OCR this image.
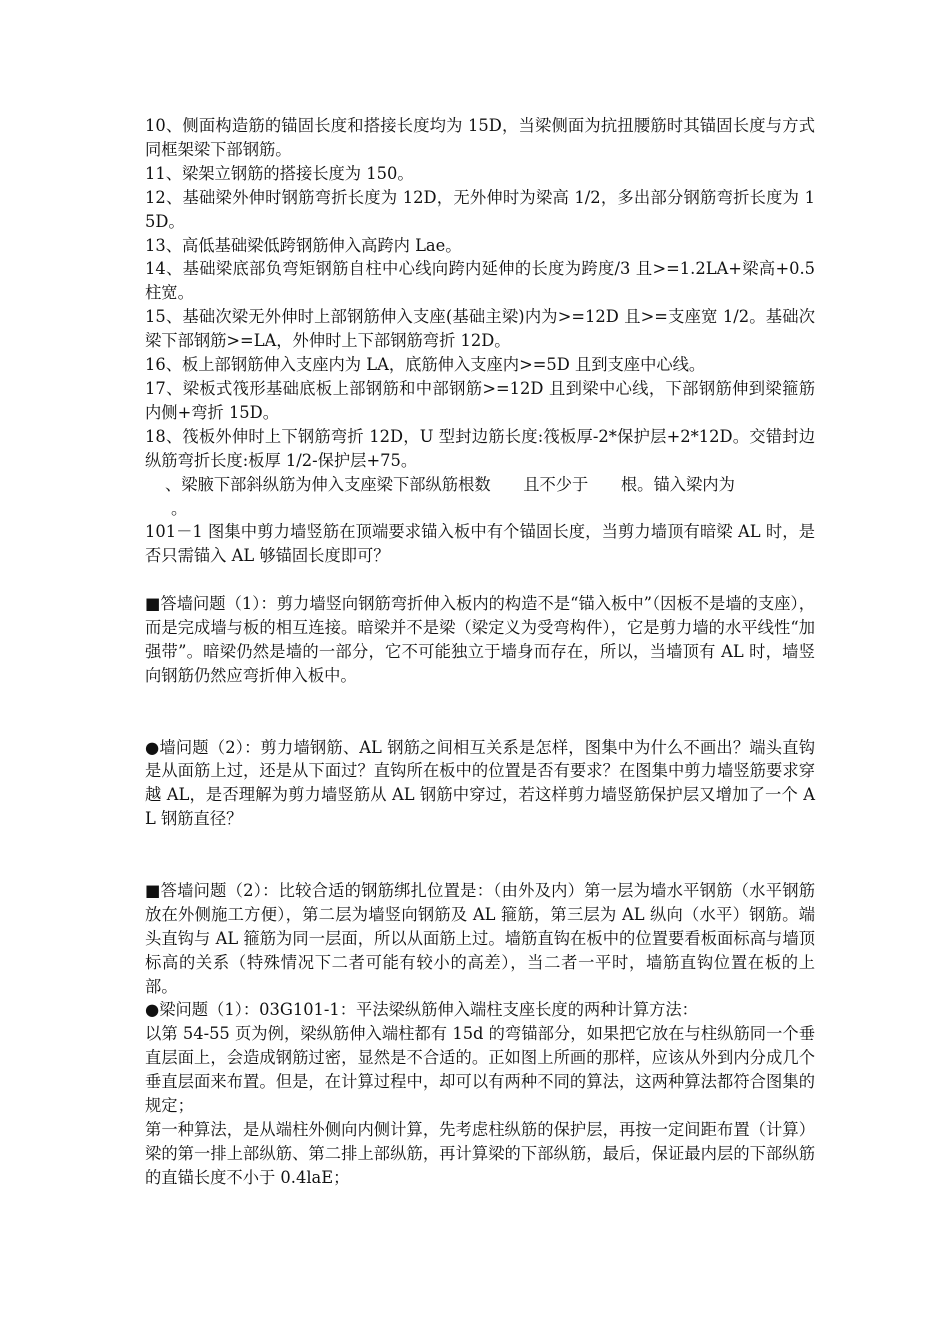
10、侧面构造筋的锚固长度和搭接长度均为 15D，当梁侧面为抗扭腰筋时其锚固长度与方式同框架梁下部钢筋。

11、梁架立钢筋的搭接长度为 150。

12、基础梁外伸时钢筋弯折长度为 12D，无外伸时为梁高 1/2，多出部分钢筋弯折长度为 15D。

13、高低基础梁低跨钢筋伸入高跨内 Lae。

14、基础梁底部负弯矩钢筋自柱中心线向跨内延伸的长度为跨度/3 且>=1.2LA+梁高+0.5 柱宽。

15、基础次梁无外伸时上部钢筋伸入支座(基础主梁)内为>=12D 且>=支座宽 1/2。基础次梁下部钢筋>=LA，外伸时上下部钢筋弯折 12D。

16、板上部钢筋伸入支座内为 LA，底筋伸入支座内>=5D 且到支座中心线。

17、梁板式筏形基础底板上部钢筋和中部钢筋>=12D 且到梁中心线，下部钢筋伸到梁箍筋内侧+弯折 15D。

18、筏板外伸时上下钢筋弯折 12D，U 型封边筋长度:筏板厚-2*保护层+2*12D。交错封边纵筋弯折长度:板厚 1/2-保护层+75。

、梁腋下部斜纵筋为伸入支座梁下部纵筋根数　　且不少于　　根。锚入梁内为

。

101－1 图集中剪力墙竖筋在顶端要求锚入板中有个锚固长度，当剪力墙顶有暗梁 AL 时，是否只需锚入 AL 够锚固长度即可？

■答墙问题（1）：剪力墙竖向钢筋弯折伸入板内的构造不是“锚入板中”（因板不是墙的支座），而是完成墙与板的相互连接。暗梁并不是梁（梁定义为受弯构件），它是剪力墙的水平线性“加强带”。暗梁仍然是墙的一部分，它不可能独立于墙身而存在，所以，当墙顶有 AL 时，墙竖向钢筋仍然应弯折伸入板中。

●墙问题（2）：剪力墙钢筋、AL 钢筋之间相互关系是怎样，图集中为什么不画出？端头直钩是从面筋上过，还是从下面过？直钩所在板中的位置是否有要求？在图集中剪力墙竖筋要求穿越 AL，是否理解为剪力墙竖筋从 AL 钢筋中穿过，若这样剪力墙竖筋保护层又增加了一个 AL 钢筋直径？

■答墙问题（2）：比较合适的钢筋绑扎位置是：（由外及内）第一层为墙水平钢筋（水平钢筋放在外侧施工方便），第二层为墙竖向钢筋及 AL 箍筋，第三层为 AL 纵向（水平）钢筋。端头直钩与 AL 箍筋为同一层面，所以从面筋上过。墙筋直钩在板中的位置要看板面标高与墙顶标高的关系（特殊情况下二者可能有较小的高差），当二者一平时，墙筋直钩位置在板的上部。

●梁问题（1）：03G101-1：平法梁纵筋伸入端柱支座长度的两种计算方法：

以第 54-55 页为例，梁纵筋伸入端柱都有 15d 的弯锚部分，如果把它放在与柱纵筋同一个垂直层面上，会造成钢筋过密，显然是不合适的。正如图上所画的那样，应该从外到内分成几个垂直层面来布置。但是，在计算过程中，却可以有两种不同的算法，这两种算法都符合图集的规定；

第一种算法，是从端柱外侧向内侧计算，先考虑柱纵筋的保护层，再按一定间距布置（计算）梁的第一排上部纵筋、第二排上部纵筋，再计算梁的下部纵筋，最后，保证最内层的下部纵筋的直锚长度不小于 0.4laE；
